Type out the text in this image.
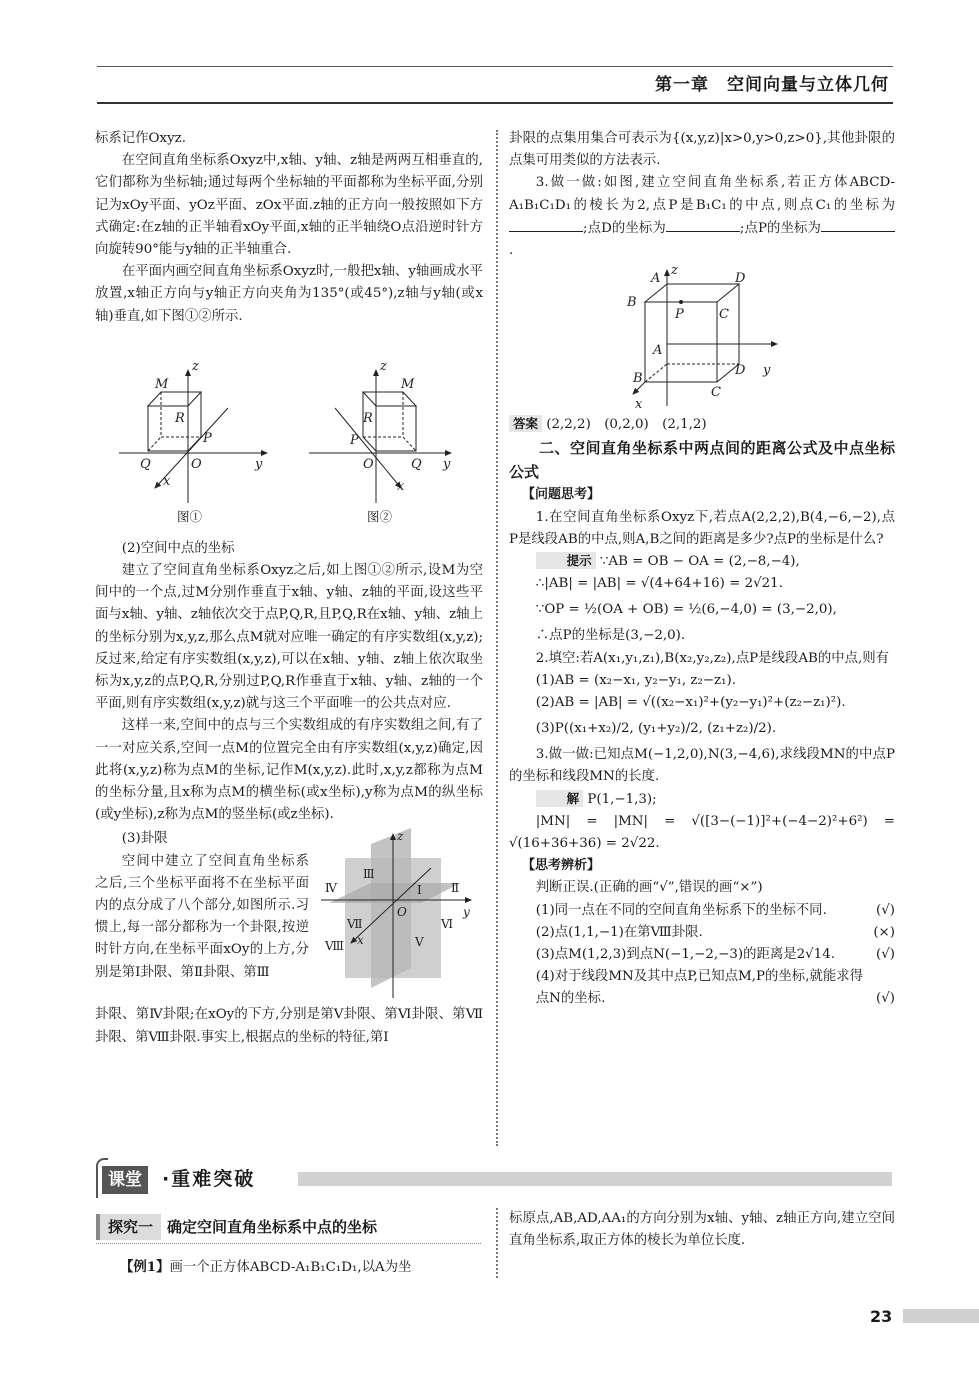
第一章　空间向量与立体几何

标系记作Oxyz.

在空间直角坐标系Oxyz中,x轴、y轴、z轴是两两互相垂直的,它们都称为坐标轴;通过每两个坐标轴的平面都称为坐标平面,分别记为xOy平面、yOz平面、zOx平面.z轴的正方向一般按照如下方式确定:在z轴的正半轴看xOy平面,x轴的正半轴绕O点沿逆时针方向旋转90°能与y轴的正半轴重合.

在平面内画空间直角坐标系Oxyz时,一般把x轴、y轴画成水平放置,x轴正方向与y轴正方向夹角为135°(或45°),z轴与y轴(或x轴)垂直,如下图①②所示.

z
M
R
P
Q	O	y
x
z
M
R
P
O	Q y
x
图①	图②

(2)空间中点的坐标

建立了空间直角坐标系Oxyz之后,如上图①②所示,设M为空间中的一个点,过M分别作垂直于x轴、y轴、z轴的平面,设这些平面与x轴、y轴、z轴依次交于点P,Q,R,且P,Q,R在x轴、y轴、z轴上的坐标分别为x,y,z,那么点M就对应唯一确定的有序实数组(x,y,z);反过来,给定有序实数组(x,y,z),可以在x轴、y轴、z轴上依次取坐标为x,y,z的点P,Q,R,分别过P,Q,R作垂直于x轴、y轴、z轴的一个平面,则有序实数组(x,y,z)就与这三个平面唯一的公共点对应.

这样一来,空间中的点与三个实数组成的有序实数组之间,有了一一对应关系,空间一点M的位置完全由有序实数组(x,y,z)确定,因此将(x,y,z)称为点M的坐标,记作M(x,y,z).此时,x,y,z都称为点M的坐标分量,且x称为点M的横坐标(或x坐标),y称为点M的纵坐标(或y坐标),z称为点M的竖坐标(或z坐标).

(3)卦限

空间中建立了空间直角坐标系之后,三个坐标平面将不在坐标平面内的点分成了八个部分,如图所示.习惯上,每一部分都称为一个卦限,按逆时针方向,在坐标平面xOy的上方,分别是第Ⅰ卦限、第Ⅱ卦限、第Ⅲ

z
Ⅲ
Ⅳ	Ⅰ Ⅱ
O	y
Ⅶ
x
Ⅵ
Ⅷ	Ⅴ

卦限、第Ⅳ卦限;在xOy的下方,分别是第Ⅴ卦限、第Ⅵ卦限、第Ⅶ卦限、第Ⅷ卦限.事实上,根据点的坐标的特征,第Ⅰ

卦限的点集用集合可表示为{(x,y,z)|x>0,y>0,z>0},其他卦限的点集可用类似的方法表示.

3.做一做:如图,建立空间直角坐标系,若正方体ABCD-A₁B₁C₁D₁的棱长为2,点P是B₁C₁的中点,则点C₁的坐标为;点D的坐标为	;点P的坐标为.

z
A	D
B
P	C
A
D y
B
C
x

答案 (2,2,2)　(0,2,0)　(2,1,2)

二、空间直角坐标系中两点间的距离公式及中点坐标公式

【问题思考】

1.在空间直角坐标系Oxyz下,若点A(2,2,2),B(4,−6,−2),点P是线段AB的中点,则A,B之间的距离是多少?点P的坐标是什么?

提示 ∵AB = OB − OA = (2,−8,−4),

∴|AB| = |AB| = √(4+64+16) = 2√21.

∵OP = ½(OA + OB) = ½(6,−4,0) = (3,−2,0),

∴点P的坐标是(3,−2,0).

2.填空:若A(x₁,y₁,z₁),B(x₂,y₂,z₂),点P是线段AB的中点,则有

(1)AB = (x₂−x₁, y₂−y₁, z₂−z₁).

(2)AB = |AB| = √((x₂−x₁)²+(y₂−y₁)²+(z₂−z₁)²).

(3)P((x₁+x₂)/2, (y₁+y₂)/2, (z₁+z₂)/2).

3.做一做:已知点M(−1,2,0),N(3,−4,6),求线段MN的中点P的坐标和线段MN的长度.

解 P(1,−1,3);

|MN| = |MN| = √([3−(−1)]²+(−4−2)²+6²) = √(16+36+36) = 2√22.

【思考辨析】

判断正误.(正确的画“√”,错误的画“×”)

(1)同一点在不同的空间直角坐标系下的坐标不同.	(√)
(2)点(1,1,−1)在第Ⅷ卦限.	(×)
(3)点M(1,2,3)到点N(−1,−2,−3)的距离是2√14.	(√)
(4)对于线段MN及其中点P,已知点M,P的坐标,就能求得点N的坐标.	(√)
课堂	·重难突破
探究一 确定空间直角坐标系中点的坐标

【例1】画一个正方体ABCD-A₁B₁C₁D₁,以A为坐

标原点,AB,AD,AA₁的方向分别为x轴、y轴、z轴正方向,建立空间直角坐标系,取正方体的棱长为单位长度.

23
